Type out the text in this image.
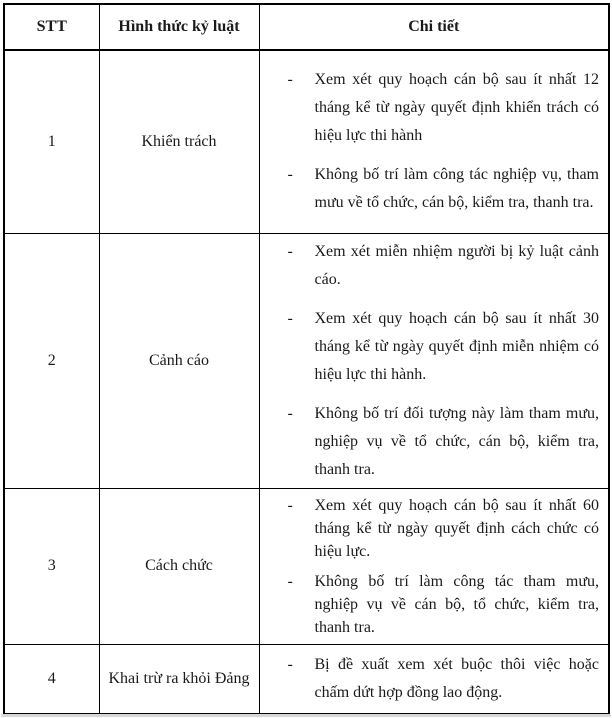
STT	Hình thức kỷ luật	Chi tiết
1	Khiển trách	
-	Xem xét quy hoạch cán bộ sau ít nhất 12 tháng kể từ ngày quyết định khiển trách có hiệu lực thi hành
-	Không bố trí làm công tác nghiệp vụ, tham mưu về tổ chức, cán bộ, kiểm tra, thanh tra.

2	Cảnh cáo	
-	Xem xét miễn nhiệm người bị kỷ luật cảnh cáo.
-	Xem xét quy hoạch cán bộ sau ít nhất 30 tháng kể từ ngày quyết định miễn nhiệm có hiệu lực thi hành.
-	Không bố trí đối tượng này làm tham mưu, nghiệp vụ về tổ chức, cán bộ, kiểm tra, thanh tra.

3	Cách chức	
-	Xem xét quy hoạch cán bộ sau ít nhất 60 tháng kể từ ngày quyết định cách chức có hiệu lực.
-	Không bố trí làm công tác tham mưu, nghiệp vụ về cán bộ, tổ chức, kiểm tra, thanh tra.

4	Khai trừ ra khỏi Đảng	
-	Bị đề xuất xem xét buộc thôi việc hoặc chấm dứt hợp đồng lao động.
